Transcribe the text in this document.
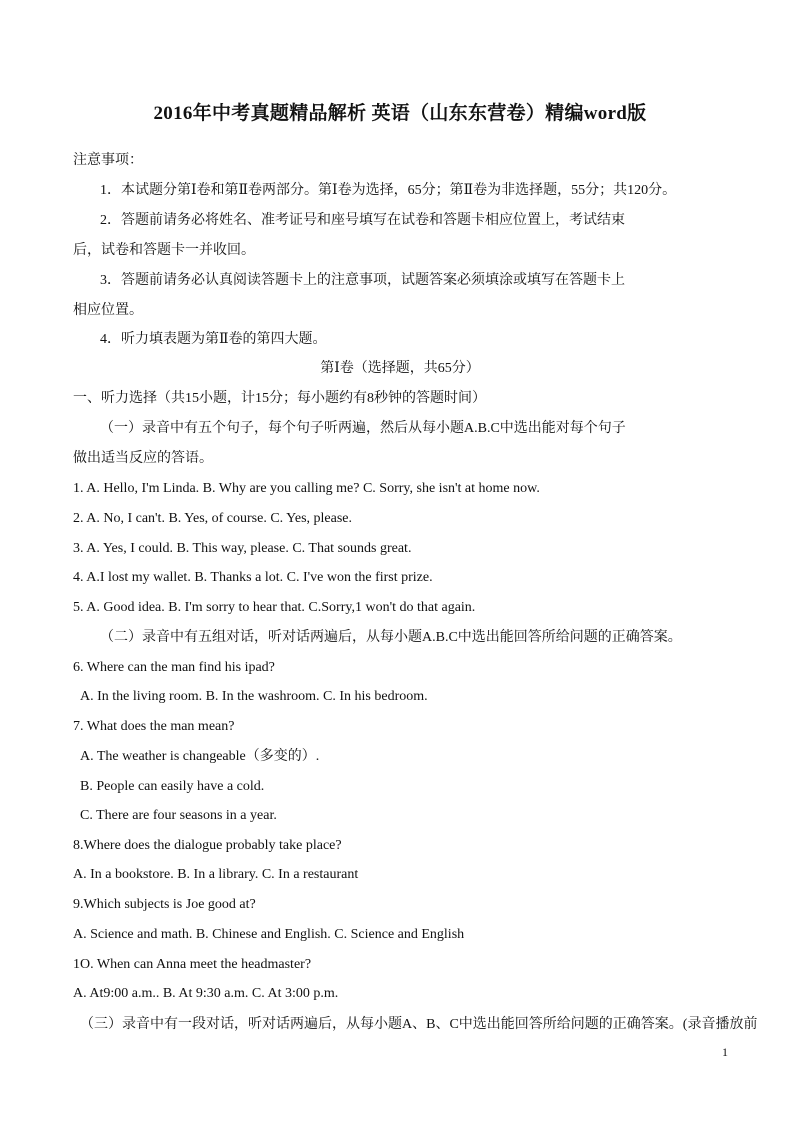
2016年中考真题精品解析 英语（山东东营卷）精编word版
注意事项：
1．本试题分第Ⅰ卷和第Ⅱ卷两部分。第Ⅰ卷为选择，65分；第Ⅱ卷为非选择题，55分；共120分。
2．答题前请务必将姓名、准考证号和座号填写在试卷和答题卡相应位置上，考试结束
后，试卷和答题卡一并收回。
3．答题前请务必认真阅读答题卡上的注意事项，试题答案必须填涂或填写在答题卡上
相应位置。
4．听力填表题为第Ⅱ卷的第四大题。
第Ⅰ卷（选择题，共65分）
一、听力选择（共15小题，计15分；每小题约有8秒钟的答题时间）
（一）录音中有五个句子，每个句子听两遍，然后从每小题A.B.C中选出能对每个句子
做出适当反应的答语。
1. A. Hello, I'm Linda. B. Why are you calling me? C. Sorry, she isn't at home now.
2. A. No, I can't. B. Yes, of course. C. Yes, please.
3. A. Yes, I could. B. This way, please. C. That sounds great.
4. A.I lost my wallet. B. Thanks a lot. C. I've won the first prize.
5. A. Good idea. B. I'm sorry to hear that. C.Sorry,1 won't do that again.
（二）录音中有五组对话，听对话两遍后，从每小题A.B.C中选出能回答所给问题的正确答案。
6. Where can the man find his ipad?
A. In the living room. B. In the washroom. C. In his bedroom.
7. What does the man mean?
A. The weather is changeable（多变的）.
B. People can easily have a cold.
C. There are four seasons in a year.
8.Where does the dialogue probably take place?
A. In a bookstore. B. In a library. C. In a restaurant
9.Which subjects is Joe good at?
A. Science and math. B. Chinese and English. C. Science and English
1O. When can Anna meet the headmaster?
A. At9:00 a.m.. B. At 9:30 a.m. C. At 3:00 p.m.
（三）录音中有一段对话，听对话两遍后，从每小题A、B、C中选出能回答所给问题的正确答案。(录音播放前
1
